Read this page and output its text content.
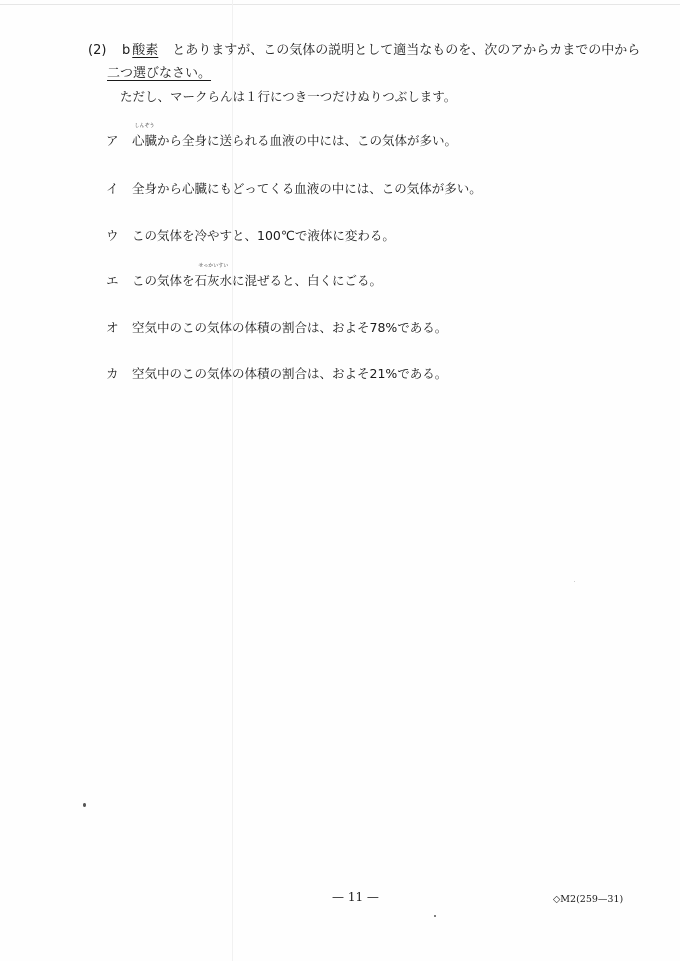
(2) b 酸素 とありますが、この気体の説明として適当なものを、次のアからカまでの中から
二つ選びなさい。
ただし、マークらんは１行につき一つだけぬりつぶします。
ア
しんぞう
心臓から全身に送られる血液の中には、この気体が多い。
イ 全身から心臓にもどってくる血液の中には、この気体が多い。
ウ この気体を冷やすと、100℃で液体に変わる。
エ この気体を
せっかいすい
石灰水に混ぜると、白くにごる。
オ 空気中のこの気体の体積の割合は、およそ78%である。
カ 空気中のこの気体の体積の割合は、およそ21%である。
— 11 —	◇M2(259—31)
